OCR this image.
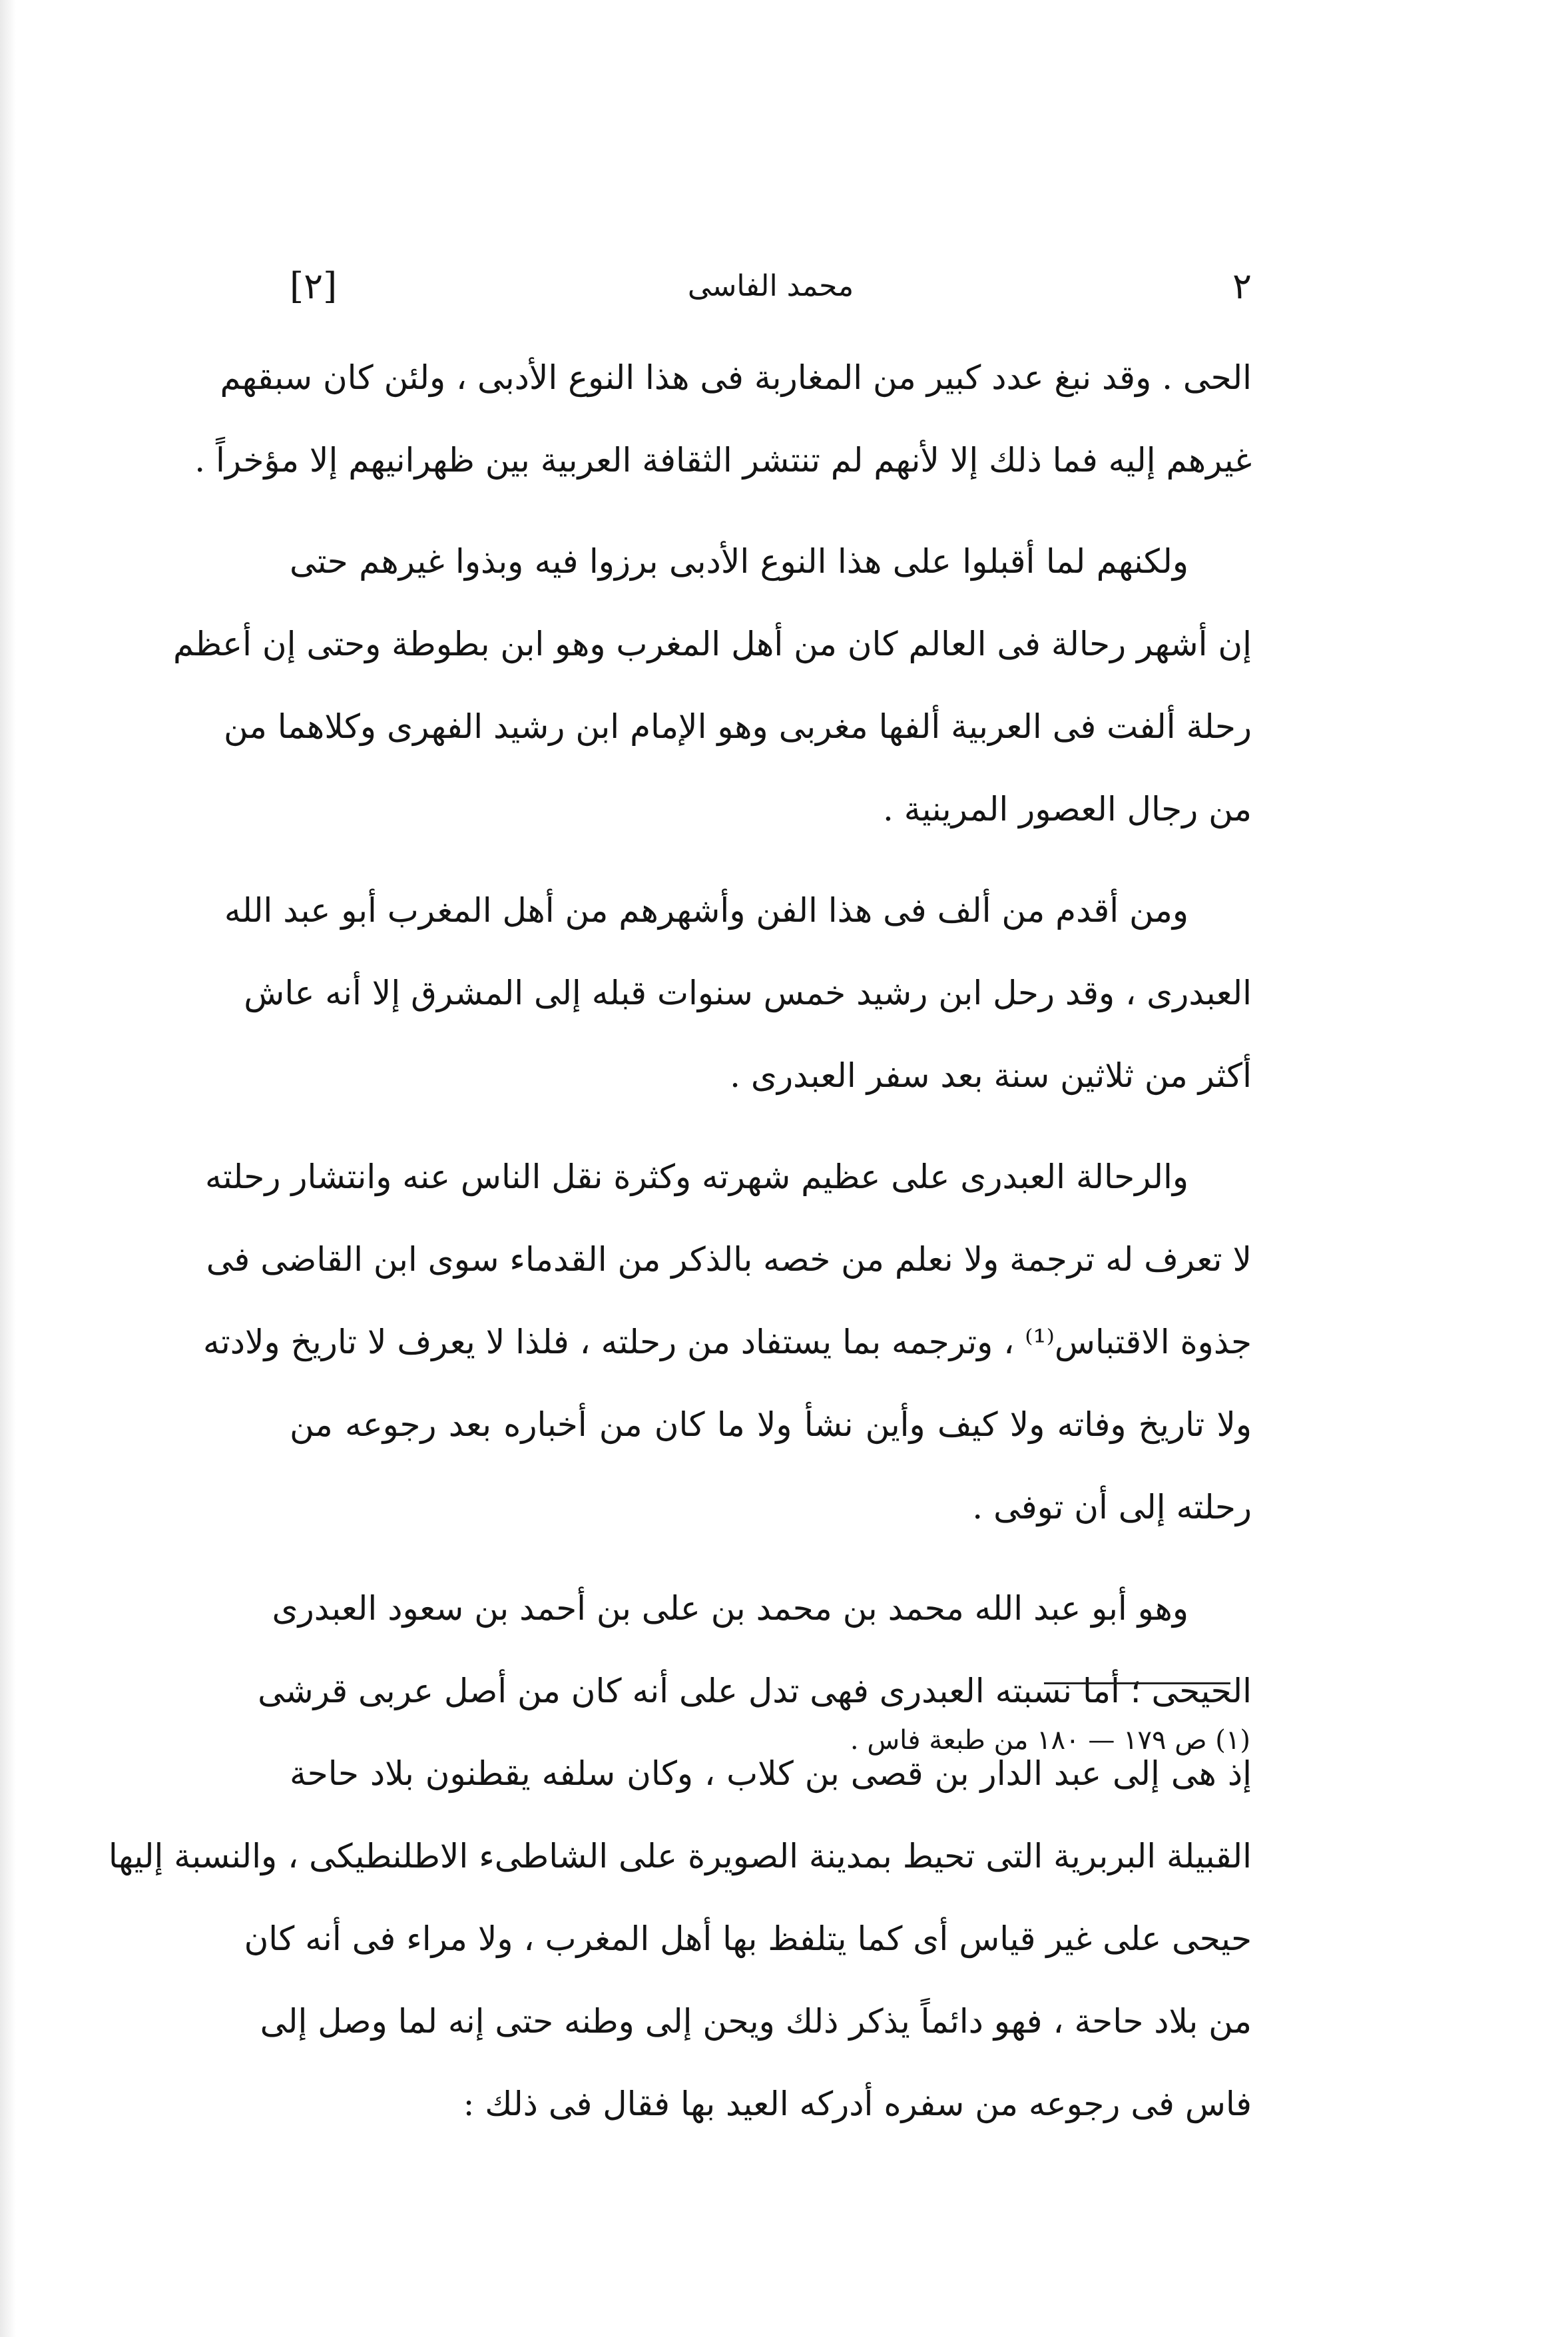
٢
محمد الفاسى
[٢]
الحى . وقد نبغ عدد كبير من المغاربة فى هذا النوع الأدبى ، ولئن كان سبقهم
غيرهم إليه فما ذلك إلا لأنهم لم تنتشر الثقافة العربية بين ظهرانيهم إلا مؤخراً .
ولكنهم لما أقبلوا على هذا النوع الأدبى برزوا فيه وبذوا غيرهم حتى
إن أشهر رحالة فى العالم كان من أهل المغرب وهو ابن بطوطة وحتى إن أعظم
رحلة ألفت فى العربية ألفها مغربى وهو الإمام ابن رشيد الفهرى وكلاهما من
من رجال العصور المرينية .
ومن أقدم من ألف فى هذا الفن وأشهرهم من أهل المغرب أبو عبد الله
العبدرى ، وقد رحل ابن رشيد خمس سنوات قبله إلى المشرق إلا أنه عاش
أكثر من ثلاثين سنة بعد سفر العبدرى .
والرحالة العبدرى على عظيم شهرته وكثرة نقل الناس عنه وانتشار رحلته
لا تعرف له ترجمة ولا نعلم من خصه بالذكر من القدماء سوى ابن القاضى فى
جذوة الاقتباس⁽¹⁾ ، وترجمه بما يستفاد من رحلته ، فلذا لا يعرف لا تاريخ ولادته
ولا تاريخ وفاته ولا كيف وأين نشأ ولا ما كان من أخباره بعد رجوعه من
رحلته إلى أن توفى .
وهو أبو عبد الله محمد بن محمد بن على بن أحمد بن سعود العبدرى
الحيحى ؛ أما نسبته العبدرى فهى تدل على أنه كان من أصل عربى قرشى
إذ هى إلى عبد الدار بن قصى بن كلاب ، وكان سلفه يقطنون بلاد حاحة
القبيلة البربرية التى تحيط بمدينة الصويرة على الشاطىء الاطلنطيكى ، والنسبة إليها
حيحى على غير قياس أى كما يتلفظ بها أهل المغرب ، ولا مراء فى أنه كان
من بلاد حاحة ، فهو دائماً يذكر ذلك ويحن إلى وطنه حتى إنه لما وصل إلى
فاس فى رجوعه من سفره أدركه العيد بها فقال فى ذلك :
(١) ص ١٧٩ — ١٨٠ من طبعة فاس .
